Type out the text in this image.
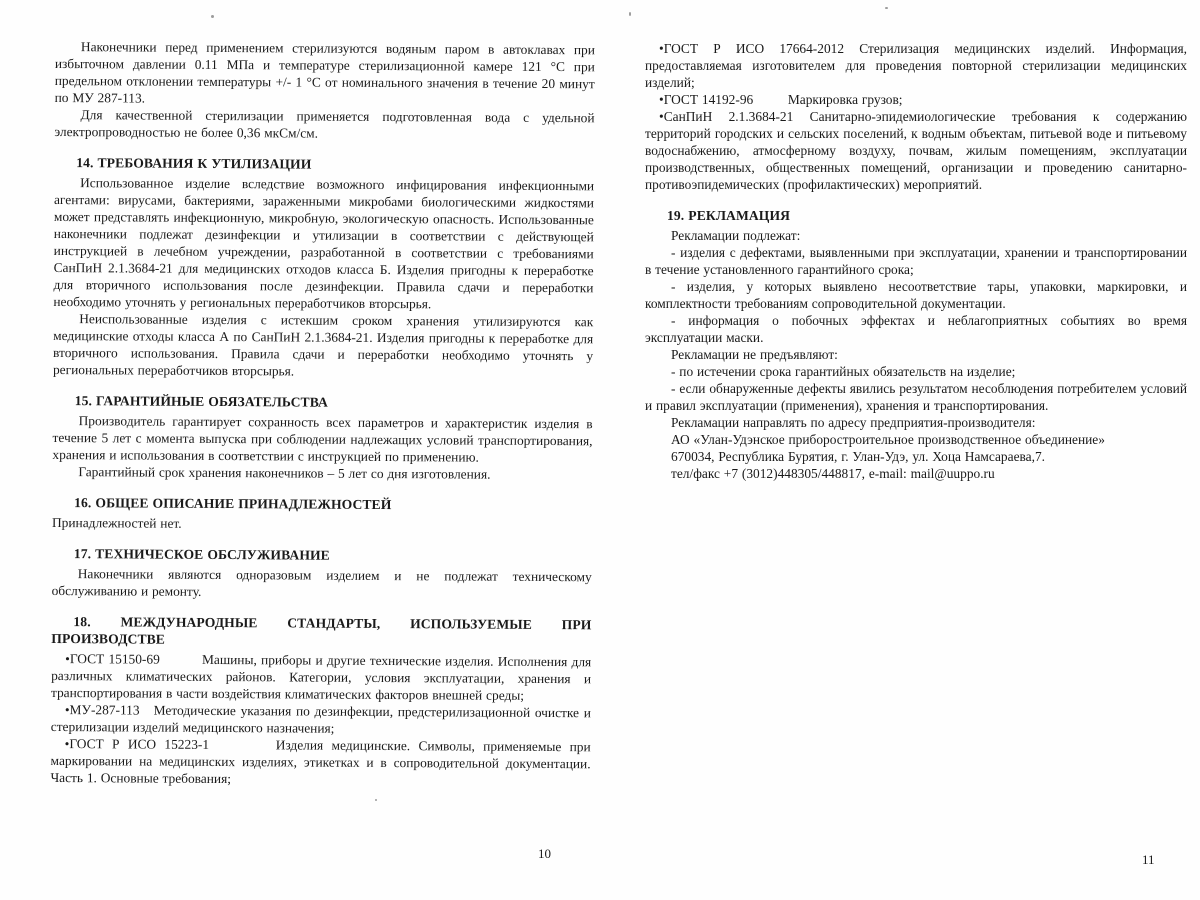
Наконечники перед применением стерилизуются водяным паром в автоклавах при избыточном давлении 0.11 МПа и температуре стерилизационной камере 121 °С при предельном отклонении температуры +/- 1 °С от номинального значения в течение 20 минут по МУ 287-113.

Для качественной стерилизации применяется подготовленная вода с удельной электропроводностью не более 0,36 мкСм/см.

14. ТРЕБОВАНИЯ К УТИЛИЗАЦИИ

Использованное изделие вследствие возможного инфицирования инфекционными агентами: вирусами, бактериями, зараженными микробами биологическими жидкостями может представлять инфекционную, микробную, экологическую опасность. Использованные наконечники подлежат дезинфекции и утилизации в соответствии с действующей инструкцией в лечебном учреждении, разработанной в соответствии с требованиями СанПиН 2.1.3684-21 для медицинских отходов класса Б. Изделия пригодны к переработке для вторичного использования после дезинфекции. Правила сдачи и переработки необходимо уточнять у региональных переработчиков вторсырья.

Неиспользованные изделия с истекшим сроком хранения утилизируются как медицинские отходы класса А по СанПиН 2.1.3684-21. Изделия пригодны к переработке для вторичного использования. Правила сдачи и переработки необходимо уточнять у региональных переработчиков вторсырья.

15. ГАРАНТИЙНЫЕ ОБЯЗАТЕЛЬСТВА

Производитель гарантирует сохранность всех параметров и характеристик изделия в течение 5 лет с момента выпуска при соблюдении надлежащих условий транспортирования, хранения и использования в соответствии с инструкцией по применению.

Гарантийный срок хранения наконечников – 5 лет со дня изготовления.

16. ОБЩЕЕ ОПИСАНИЕ ПРИНАДЛЕЖНОСТЕЙ

Принадлежностей нет.

17. ТЕХНИЧЕСКОЕ ОБСЛУЖИВАНИЕ

Наконечники являются одноразовым изделием и не подлежат техническому обслуживанию и ремонту.

18. МЕЖДУНАРОДНЫЕ СТАНДАРТЫ, ИСПОЛЬЗУЕМЫЕ ПРИ ПРОИЗВОДСТВЕ

•ГОСТ 15150-69          Машины, приборы и другие технические изделия. Исполнения для различных климатических районов. Категории, условия эксплуатации, хранения и транспортирования в части воздействия климатических факторов внешней среды;

•МУ-287-113   Методические указания по дезинфекции, предстерилизационной очистке и стерилизации изделий медицинского назначения;

•ГОСТ Р ИСО 15223-1        Изделия медицинские. Символы, применяемые при маркировании на медицинских изделиях, этикетках и в сопроводительной документации. Часть 1. Основные требования;

•ГОСТ Р ИСО 17664-2012 Стерилизация медицинских изделий. Информация, предоставляемая изготовителем для проведения повторной стерилизации медицинских изделий;

•ГОСТ 14192-96         Маркировка грузов;

•СанПиН 2.1.3684-21 Санитарно-эпидемиологические требования к содержанию территорий городских и сельских поселений, к водным объектам, питьевой воде и питьевому водоснабжению, атмосферному воздуху, почвам, жилым помещениям, эксплуатации производственных, общественных помещений, организации и проведению санитарно-противоэпидемических (профилактических) мероприятий.

19. РЕКЛАМАЦИЯ

Рекламации подлежат:

- изделия с дефектами, выявленными при эксплуатации, хранении и транспортировании в течение установленного гарантийного срока;

- изделия, у которых выявлено несоответствие тары, упаковки, маркировки, и комплектности требованиям сопроводительной документации.

- информация о побочных эффектах и неблагоприятных событиях во время эксплуатации маски.

Рекламации не предъявляют:

- по истечении срока гарантийных обязательств на изделие;

- если обнаруженные дефекты явились результатом несоблюдения потребителем условий и правил эксплуатации (применения), хранения и транспортирования.

Рекламации направлять по адресу предприятия-производителя:

АО «Улан-Удэнское приборостроительное производственное объединение»

670034, Республика Бурятия, г. Улан-Удэ, ул. Хоца Намсараева,7.

тел/факс +7 (3012)448305/448817, e-mail: mail@uuppo.ru

10	11
